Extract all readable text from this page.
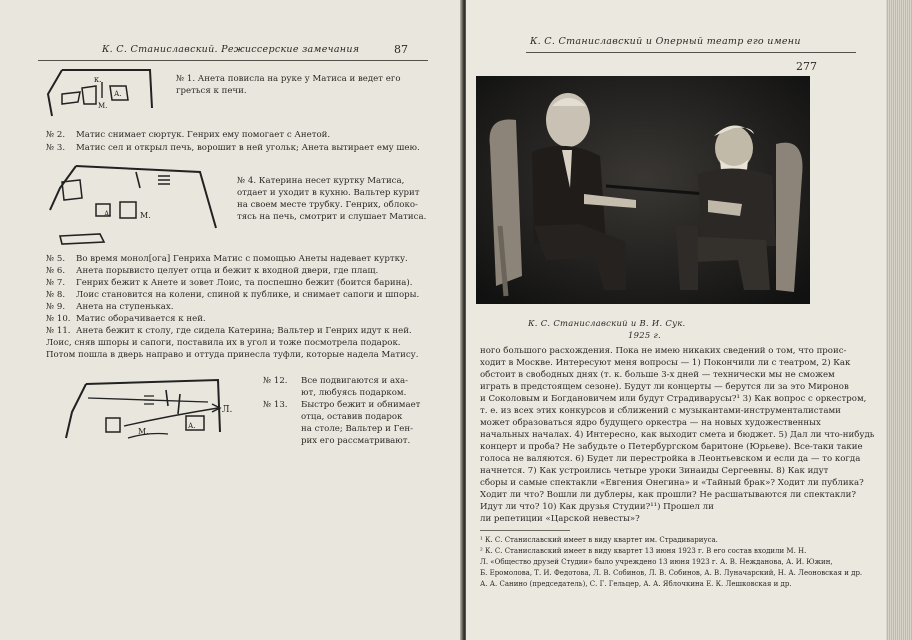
К. С. Станиславский. Режиссерские замечания	87
к.
А.
М.
№ 1. Анета повисла на руке у Матиса и ведет его
греться к печи.
№ 2. Матис снимает сюртук. Генрих ему помогает с Анетой.
№ 3. Матис сел и открыл печь, ворошит в ней угольк; Анета вытирает ему шею.
А.	М.
№ 4. Катерина несет куртку Матиса,
отдает и уходит в кухню. Вальтер курит
на своем месте трубку. Генрих, облоко-
тясь на печь, смотрит и слушает Матиса.
№ 5. Во время монол[ога] Генриха Матис с помощью Анеты надевает куртку.
№ 6. Анета порывисто целует отца и бежит к входной двери, где плащ.
№ 7. Генрих бежит к Анете и зовет Лоис, та поспешно бежит (боится барина).
№ 8. Лоис становится на колени, спиной к публике, и снимает сапоги и шпоры.
№ 9. Анета на ступеньках.
№ 10. Матис оборачивается к ней.
№ 11. Анета бежит к столу, где сидела Катерина; Вальтер и Генрих идут к ней.
Лоис, сняв шпоры и сапоги, поставила их в угол и тоже посмотрела подарок.
Потом пошла в дверь направо и оттуда принесла туфли, которые надела Матису.
Л.
М.
А.
№ 12. Все подвигаются и ахa-
ют, любуясь подарком.
№ 13. Быстро бежит и обнимает
отца, оставив подарок
на столе; Вальтер и Ген-
рих его рассматривают.
К. С. Станиславский и Оперный театр его имени
277
К. С. Станиславский и В. И. Сук.
1925 г.
ного большого расхождения. Пока не имею никаких сведений о том, что проис-
ходит в Москве. Интересуют меня вопросы — 1) Покончили ли с театром, 2) Как
обстоит в свободных днях (т. к. больше 3-х дней — технически мы не сможем
играть в предстоящем сезоне). Будут ли концерты — берутся ли за это Миронов
и Соколовым и Богдановичем или будут Страдиварусы?¹ 3) Как вопрос с оркестром,
т. е. из всех этих конкурсов и сближений с музыкантами-инструменталистами
может образоваться ядро будущего оркестра — на новых художественных
начальных началах. 4) Интересно, как выходит смета и бюджет. 5) Дал ли что-нибудь
концерт и проба? Не забудьте о Петербургском баритоне (Юрьеве). Все-таки такие
голоса не валяются. 6) Будет ли перестройка в Леонтьевском и если да — то когда
начнется. 7) Как устроились четыре уроки Зинаиды Сергеевны. 8) Как идут
сборы и самые спектакли «Евгения Онегина» и «Тайный брак»? Ходит ли публика?
Ходит ли что? Вошли ли дублеры, как прошли? Не расшатываются ли спектакли?
Идут ли что? 10) Как друзья Студии?¹¹) Прошел ли
ли репетиции «Царской невесты»?
¹ К. С. Станиславский имеет в виду квартет им. Страдивариуса.
² К. С. Станиславский имеет в виду квартет 13 июня 1923 г. В его состав входили М. Н.
Л. «Общество друзей Студии» было учреждено 13 июня 1923 г. А. В. Неждановa, А. И. Южин,
Б. Еромолова, Т. И. Федотова, Л. В. Собинов, Л. В. Собинов, А. В. Луначарский, Н. А. Леоновская и др.
А. А. Санинo (председатель), С. Г. Гельцер, А. А. Яблочкина Е. К. Лешковская и др.
